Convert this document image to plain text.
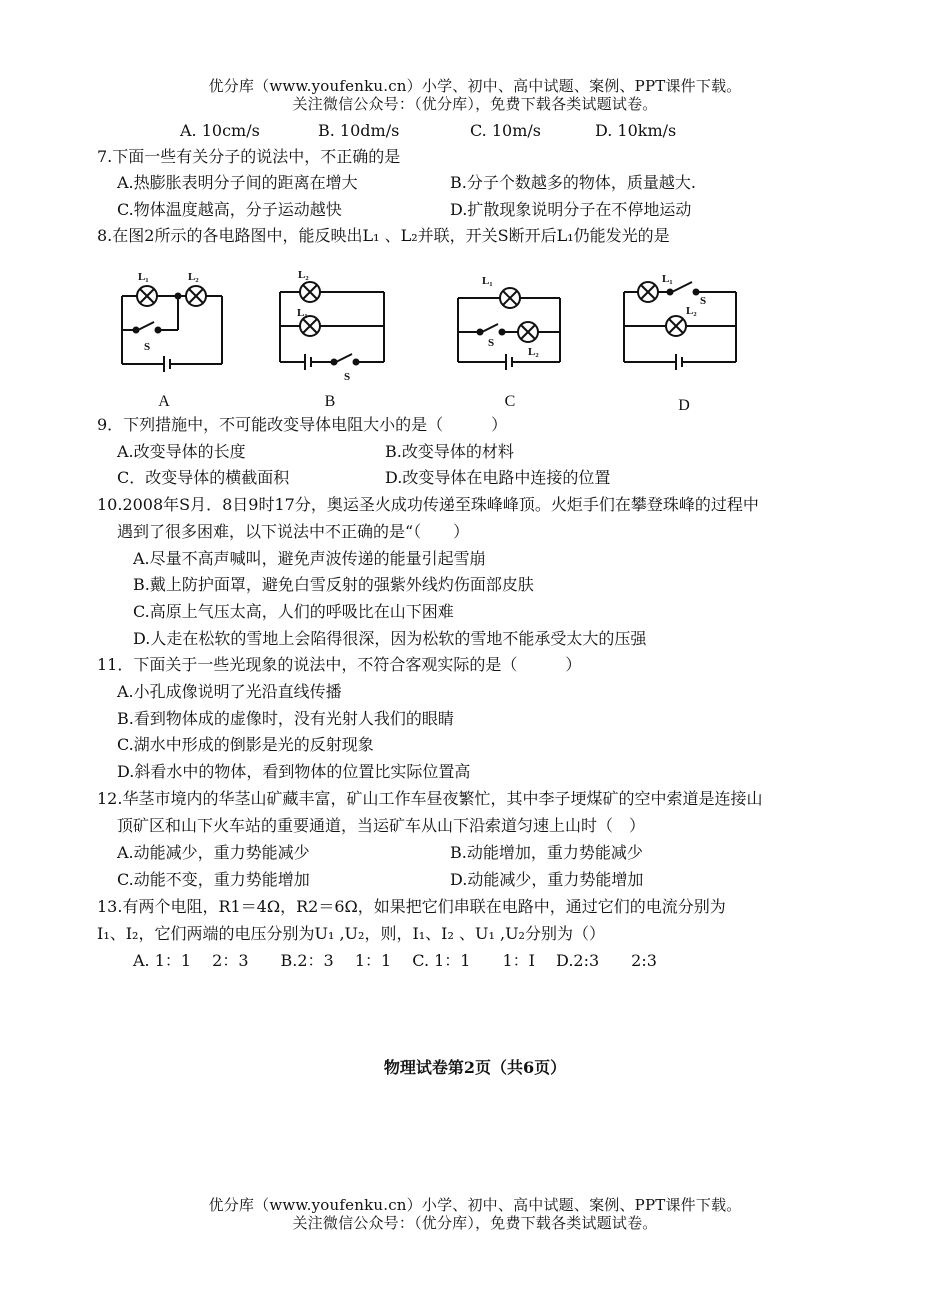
优分库（www.youfenku.cn）小学、初中、高中试题、案例、PPT课件下载。
关注微信公众号：（优分库），免费下载各类试题试卷。
A. 10cm/s	B. 10dm/s	C. 10m/s	D. 10km/s
7.下面一些有关分子的说法中，不正确的是
A.热膨胀表明分子间的距离在增大	B.分子个数越多的物体，质量越大.
C.物体温度越高，分子运动越快	D.扩散现象说明分子在不停地运动
8.在图2所示的各电路图中，能反映出L₁ 、L₂并联，开关S断开后L₁仍能发光的是
L₁	L₂
S
L₂
L₁
S
L₁
S
L₂
L₁
S
L₂
A	B	C	D
9．下列措施中，不可能改变导体电阻大小的是（　　　）
A.改变导体的长度	B.改变导体的材料
C．改变导体的横截面积	D.改变导体在电路中连接的位置
10.2008年S月．8日9时17分，奥运圣火成功传递至珠峰峰顶。火炬手们在攀登珠峰的过程中
遇到了很多困难，以下说法中不正确的是“（　　）
A.尽量不高声喊叫，避免声波传递的能量引起雪崩
B.戴上防护面罩，避免白雪反射的强紫外线灼伤面部皮肤
C.高原上气压太高，人们的呼吸比在山下困难
D.人走在松软的雪地上会陷得很深，因为松软的雪地不能承受太大的压强
11．下面关于一些光现象的说法中，不符合客观实际的是（　　　）
A.小孔成像说明了光沿直线传播
B.看到物体成的虚像时，没有光射人我们的眼睛
C.湖水中形成的倒影是光的反射现象
D.斜看水中的物体，看到物体的位置比实际位置高
12.华茎市境内的华茎山矿藏丰富，矿山工作车昼夜繁忙，其中李子埂煤矿的空中索道是连接山
顶矿区和山下火车站的重要通道，当运矿车从山下沿索道匀速上山时（　）
A.动能减少，重力势能减少	B.动能增加，重力势能减少
C.动能不变，重力势能增加	D.动能减少，重力势能增加
13.有两个电阻，R1＝4Ω，R2＝6Ω，如果把它们串联在电路中，通过它们的电流分别为
I₁、I₂，它们两端的电压分别为U₁ ,U₂，则，I₁、I₂ 、U₁ ,U₂分别为（）
A. 1：1　 2：3　　B.2：3　 1：1　 C. 1：1　　1：I　 D.2:3　　2:3
物理试卷第2页（共6页）
优分库（www.youfenku.cn）小学、初中、高中试题、案例、PPT课件下载。
关注微信公众号：（优分库），免费下载各类试题试卷。
